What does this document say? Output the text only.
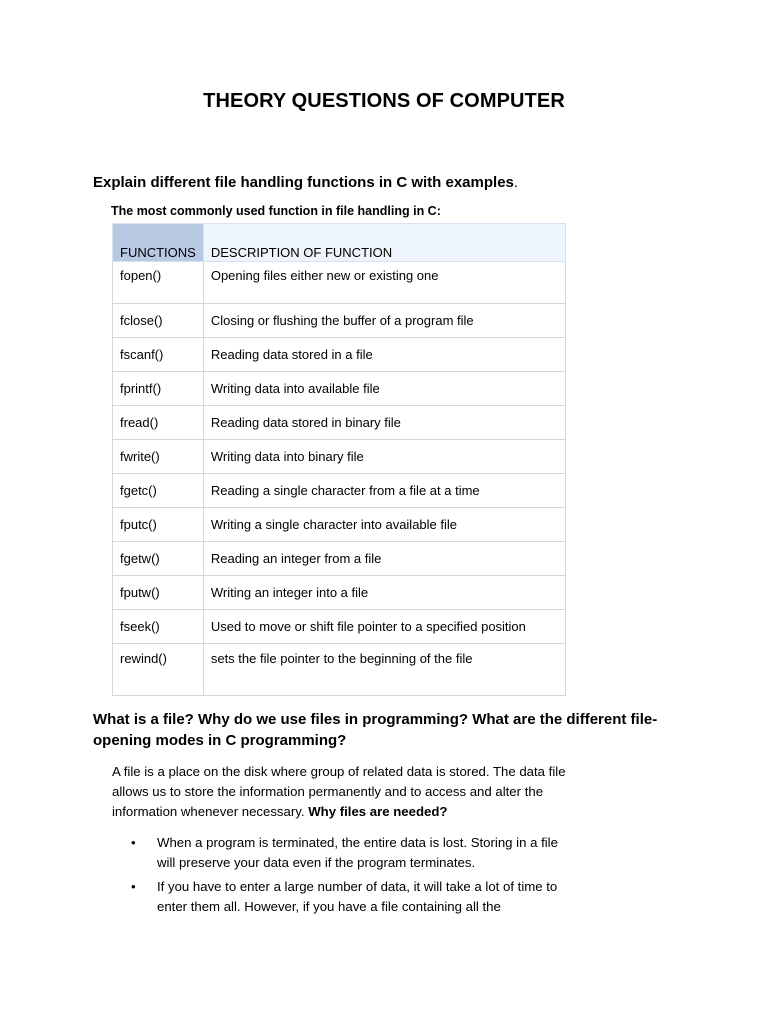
THEORY QUESTIONS OF COMPUTER
Explain different file handling functions in C with examples.
The most commonly used function in file handling in C:
FUNCTIONS	DESCRIPTION OF FUNCTION
fopen()	Opening files either new or existing one
fclose()	Closing or flushing the buffer of a program file
fscanf()	Reading data stored in a file
fprintf()	Writing data into available file
fread()	Reading data stored in binary file
fwrite()	Writing data into binary file
fgetc()	Reading a single character from a file at a time
fputc()	Writing a single character into available file
fgetw()	Reading an integer from a file
fputw()	Writing an integer into a file
fseek()	Used to move or shift file pointer to a specified position
rewind()	sets the file pointer to the beginning of the file
What is a file? Why do we use files in programming? What are the different file-opening modes in C programming?
A file is a place on the disk where group of related data is stored. The data file allows us to store the information permanently and to access and alter the information whenever necessary. Why files are needed?
• When a program is terminated, the entire data is lost. Storing in a file will preserve your data even if the program terminates.
• If you have to enter a large number of data, it will take a lot of time to enter them all. However, if you have a file containing all the
